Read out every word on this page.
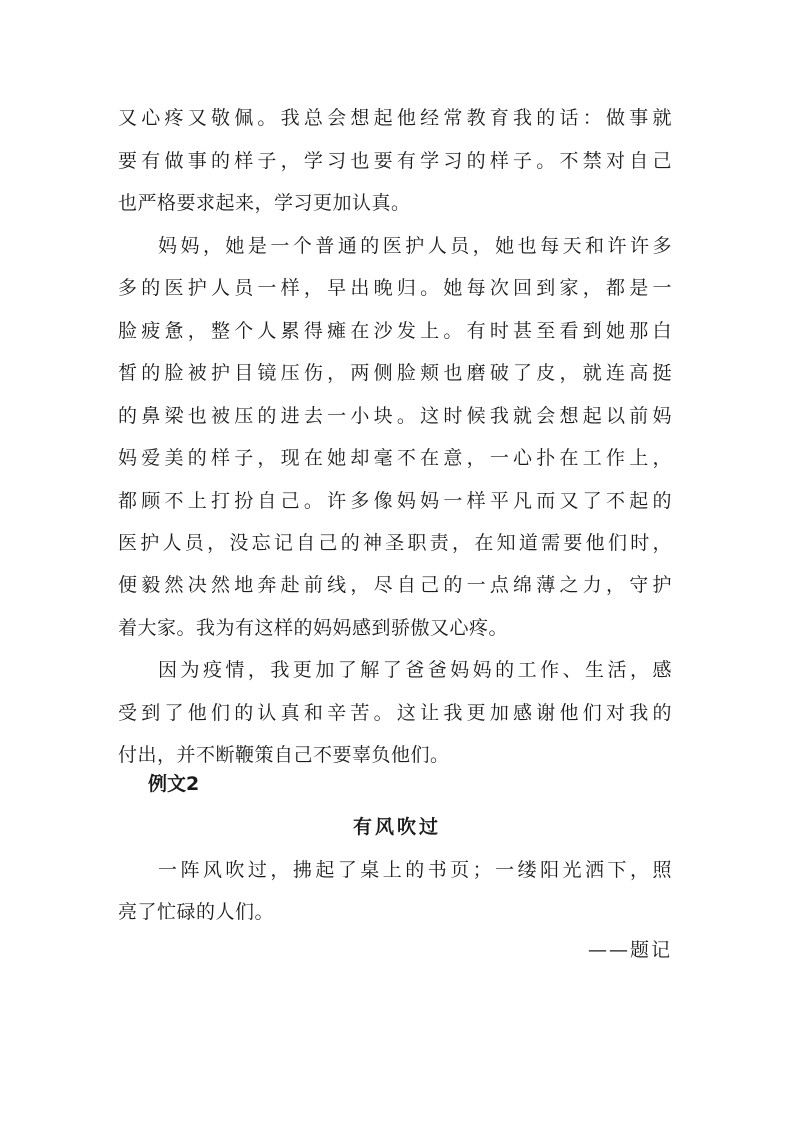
又心疼又敬佩。我总会想起他经常教育我的话：做事就
要有做事的样子，学习也要有学习的样子。不禁对自己
也严格要求起来，学习更加认真。
妈妈，她是一个普通的医护人员，她也每天和许许多
多的医护人员一样，早出晚归。她每次回到家，都是一
脸疲惫，整个人累得瘫在沙发上。有时甚至看到她那白
皙的脸被护目镜压伤，两侧脸颊也磨破了皮，就连高挺
的鼻梁也被压的进去一小块。这时候我就会想起以前妈
妈爱美的样子，现在她却毫不在意，一心扑在工作上，
都顾不上打扮自己。许多像妈妈一样平凡而又了不起的
医护人员，没忘记自己的神圣职责，在知道需要他们时，
便毅然决然地奔赴前线，尽自己的一点绵薄之力，守护
着大家。我为有这样的妈妈感到骄傲又心疼。
因为疫情，我更加了解了爸爸妈妈的工作、生活，感
受到了他们的认真和辛苦。这让我更加感谢他们对我的
付出，并不断鞭策自己不要辜负他们。
例文2
有风吹过
一阵风吹过，拂起了桌上的书页；一缕阳光洒下，照
亮了忙碌的人们。
——题记
